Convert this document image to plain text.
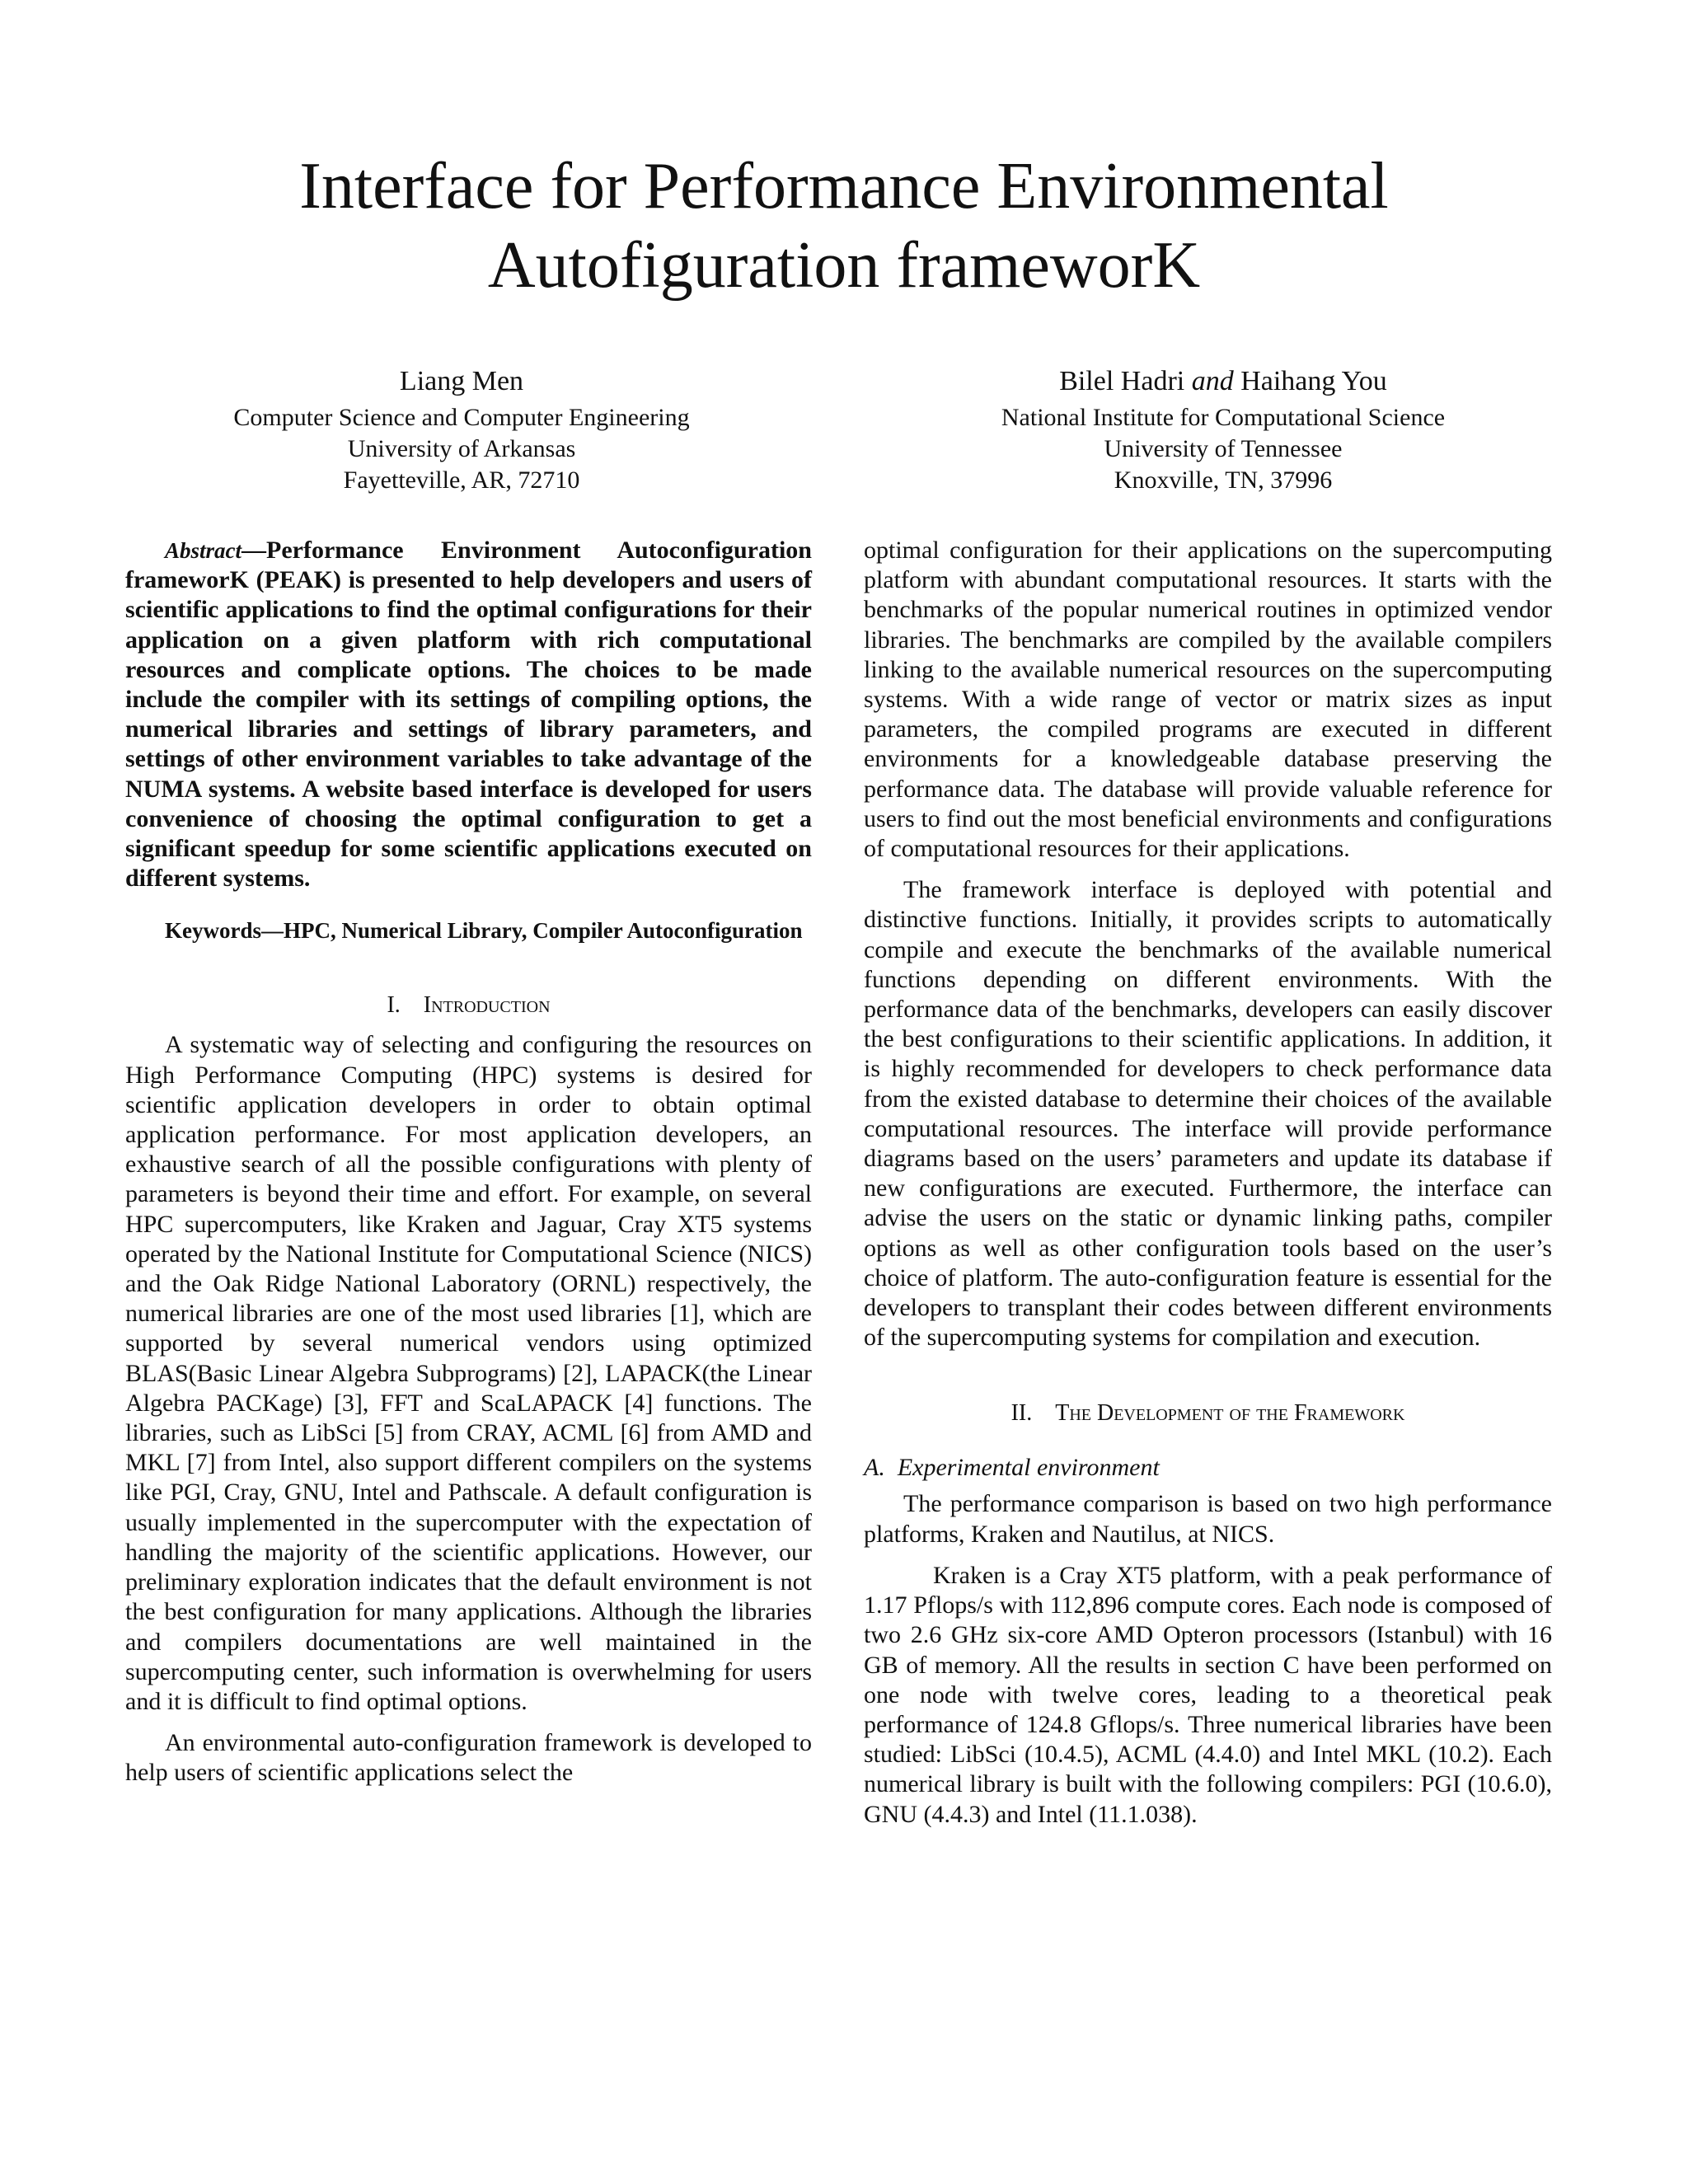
Interface for Performance Environmental
Autofiguration frameworK
Liang Men
Computer Science and Computer Engineering
University of Arkansas
Fayetteville, AR, 72710
Bilel Hadri and Haihang You
National Institute for Computational Science
University of Tennessee
Knoxville, TN, 37996

Abstract—Performance Environment Autoconfiguration frameworK (PEAK) is presented to help developers and users of scientific applications to find the optimal configurations for their application on a given platform with rich computational resources and complicate options. The choices to be made include the compiler with its settings of compiling options, the numerical libraries and settings of library parameters, and settings of other environment variables to take advantage of the NUMA systems. A website based interface is developed for users convenience of choosing the optimal configuration to get a significant speedup for some scientific applications executed on different systems.

Keywords—HPC, Numerical Library, Compiler Autoconfiguration

I. Introduction

A systematic way of selecting and configuring the resources on High Performance Computing (HPC) systems is desired for scientific application developers in order to obtain optimal application performance. For most application developers, an exhaustive search of all the possible configurations with plenty of parameters is beyond their time and effort. For example, on several HPC supercomputers, like Kraken and Jaguar, Cray XT5 systems operated by the National Institute for Computational Science (NICS) and the Oak Ridge National Laboratory (ORNL) respectively, the numerical libraries are one of the most used libraries [1], which are supported by several numerical vendors using optimized BLAS(Basic Linear Algebra Subprograms) [2], LAPACK(the Linear Algebra PACKage) [3], FFT and ScaLAPACK [4] functions. The libraries, such as LibSci [5] from CRAY, ACML [6] from AMD and MKL [7] from Intel, also support different compilers on the systems like PGI, Cray, GNU, Intel and Pathscale. A default configuration is usually implemented in the supercomputer with the expectation of handling the majority of the scientific applications. However, our preliminary exploration indicates that the default environment is not the best configuration for many applications. Although the libraries and compilers documentations are well maintained in the supercomputing center, such information is overwhelming for users and it is difficult to find optimal options.

An environmental auto-configuration framework is developed to help users of scientific applications select the

optimal configuration for their applications on the supercomputing platform with abundant computational resources. It starts with the benchmarks of the popular numerical routines in optimized vendor libraries. The benchmarks are compiled by the available compilers linking to the available numerical resources on the supercomputing systems. With a wide range of vector or matrix sizes as input parameters, the compiled programs are executed in different environments for a knowledgeable database preserving the performance data. The database will provide valuable reference for users to find out the most beneficial environments and configurations of computational resources for their applications.

The framework interface is deployed with potential and distinctive functions. Initially, it provides scripts to automatically compile and execute the benchmarks of the available numerical functions depending on different environments. With the performance data of the benchmarks, developers can easily discover the best configurations to their scientific applications. In addition, it is highly recommended for developers to check performance data from the existed database to determine their choices of the available computational resources. The interface will provide performance diagrams based on the users’ parameters and update its database if new configurations are executed. Furthermore, the interface can advise the users on the static or dynamic linking paths, compiler options as well as other configuration tools based on the user’s choice of platform. The auto-configuration feature is essential for the developers to transplant their codes between different environments of the supercomputing systems for compilation and execution.

II. The Development of the Framework
A. Experimental environment

The performance comparison is based on two high performance platforms, Kraken and Nautilus, at NICS.

Kraken is a Cray XT5 platform, with a peak performance of 1.17 Pflops/s with 112,896 compute cores. Each node is composed of two 2.6 GHz six-core AMD Opteron processors (Istanbul) with 16 GB of memory. All the results in section C have been performed on one node with twelve cores, leading to a theoretical peak performance of 124.8 Gflops/s. Three numerical libraries have been studied: LibSci (10.4.5), ACML (4.4.0) and Intel MKL (10.2). Each numerical library is built with the following compilers: PGI (10.6.0), GNU (4.4.3) and Intel (11.1.038).
